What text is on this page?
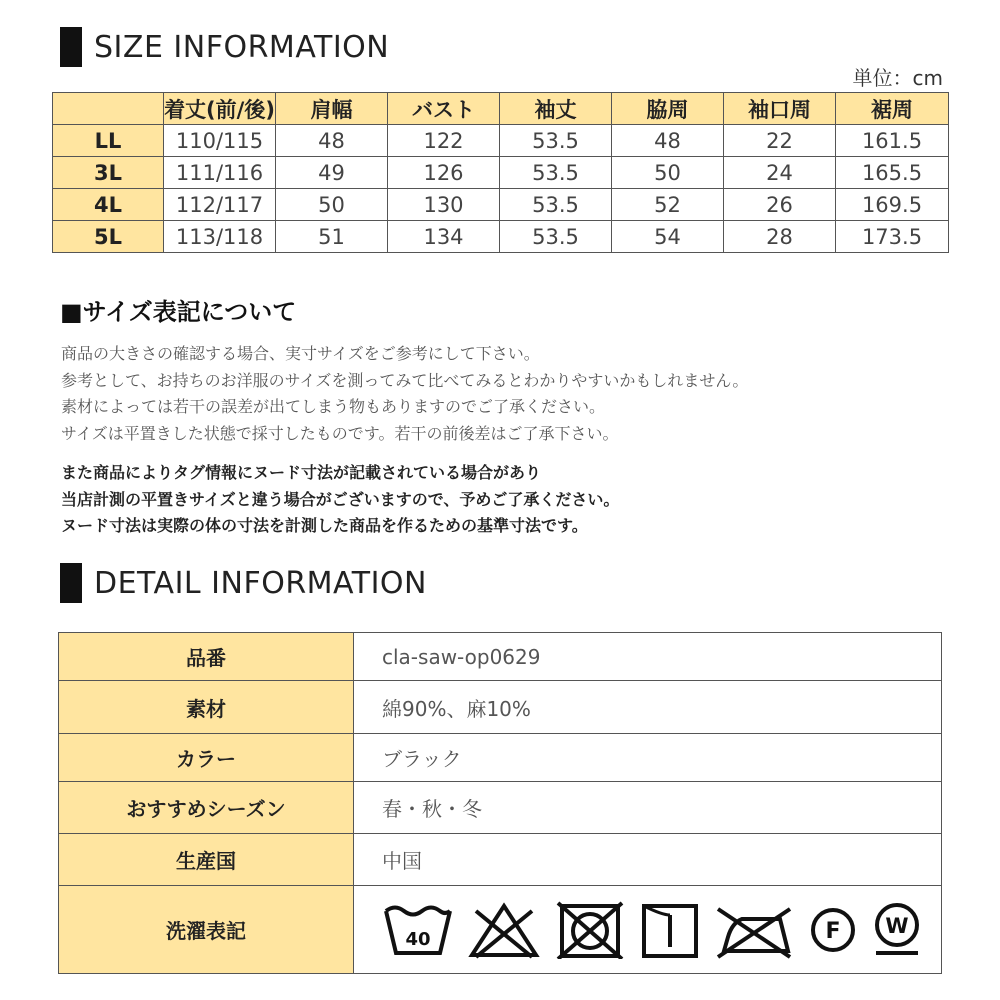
SIZE INFORMATION
単位：cm
	着丈(前/後)	肩幅	バスト	袖丈	脇周	袖口周	裾周
LL	110/115	48	122	53.5	48	22	161.5
3L	111/116	49	126	53.5	50	24	165.5
4L	112/117	50	130	53.5	52	26	169.5
5L	113/118	51	134	53.5	54	28	173.5
■サイズ表記について
商品の大きさの確認する場合、実寸サイズをご参考にして下さい。
参考として、お持ちのお洋服のサイズを測ってみて比べてみるとわかりやすいかもしれません。
素材によっては若干の誤差が出てしまう物もありますのでご了承ください。
サイズは平置きした状態で採寸したものです。若干の前後差はご了承下さい。
また商品によりタグ情報にヌード寸法が記載されている場合があり
当店計測の平置きサイズと違う場合がございますので、予めご了承ください。
ヌード寸法は実際の体の寸法を計測した商品を作るための基準寸法です。
DETAIL INFORMATION
品番	cla-saw-op0629
素材	綿90%、麻10%
カラー	ブラック
おすすめシーズン	春・秋・冬
生産国	中国
洗濯表記	40 F W
